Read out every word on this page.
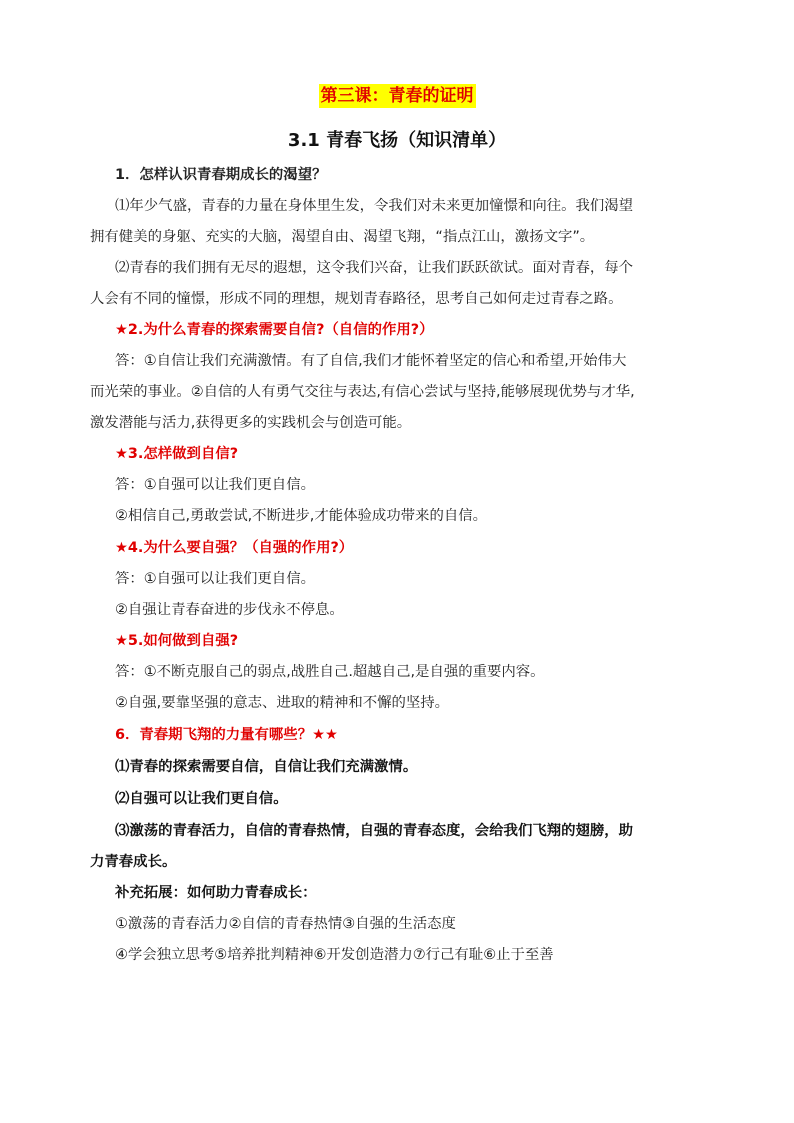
第三课：青春的证明
3.1 青春飞扬（知识清单）
1．怎样认识青春期成长的渴望？
⑴年少气盛，青春的力量在身体里生发，令我们对未来更加憧憬和向往。我们渴望
拥有健美的身躯、充实的大脑，渴望自由、渴望飞翔，“指点江山，激扬文字”。
⑵青春的我们拥有无尽的遐想，这令我们兴奋，让我们跃跃欲试。面对青春，每个
人会有不同的憧憬，形成不同的理想，规划青春路径，思考自己如何走过青春之路。
★2.为什么青春的探索需要自信?（自信的作用?）
答：①自信让我们充满激情。有了自信,我们才能怀着坚定的信心和希望,开始伟大
而光荣的事业。②自信的人有勇气交往与表达,有信心尝试与坚持,能够展现优势与才华,
激发潜能与活力,获得更多的实践机会与创造可能。
★3.怎样做到自信?
答：①自强可以让我们更自信。
②相信自己,勇敢尝试,不断进步,才能体验成功带来的自信。
★4.为什么要自强？（自强的作用?）
答：①自强可以让我们更自信。
②自强让青春奋进的步伐永不停息。
★5.如何做到自强?
答：①不断克服自己的弱点,战胜自己.超越自己,是自强的重要内容。
②自强,要靠坚强的意志、进取的精神和不懈的坚持。
6．青春期飞翔的力量有哪些？★★
⑴青春的探索需要自信，自信让我们充满激情。
⑵自强可以让我们更自信。
⑶激荡的青春活力，自信的青春热情，自强的青春态度，会给我们飞翔的翅膀，助
力青春成长。
补充拓展：如何助力青春成长：
①激荡的青春活力②自信的青春热情③自强的生活态度
④学会独立思考⑤培养批判精神⑥开发创造潜力⑦行己有耻⑥止于至善
